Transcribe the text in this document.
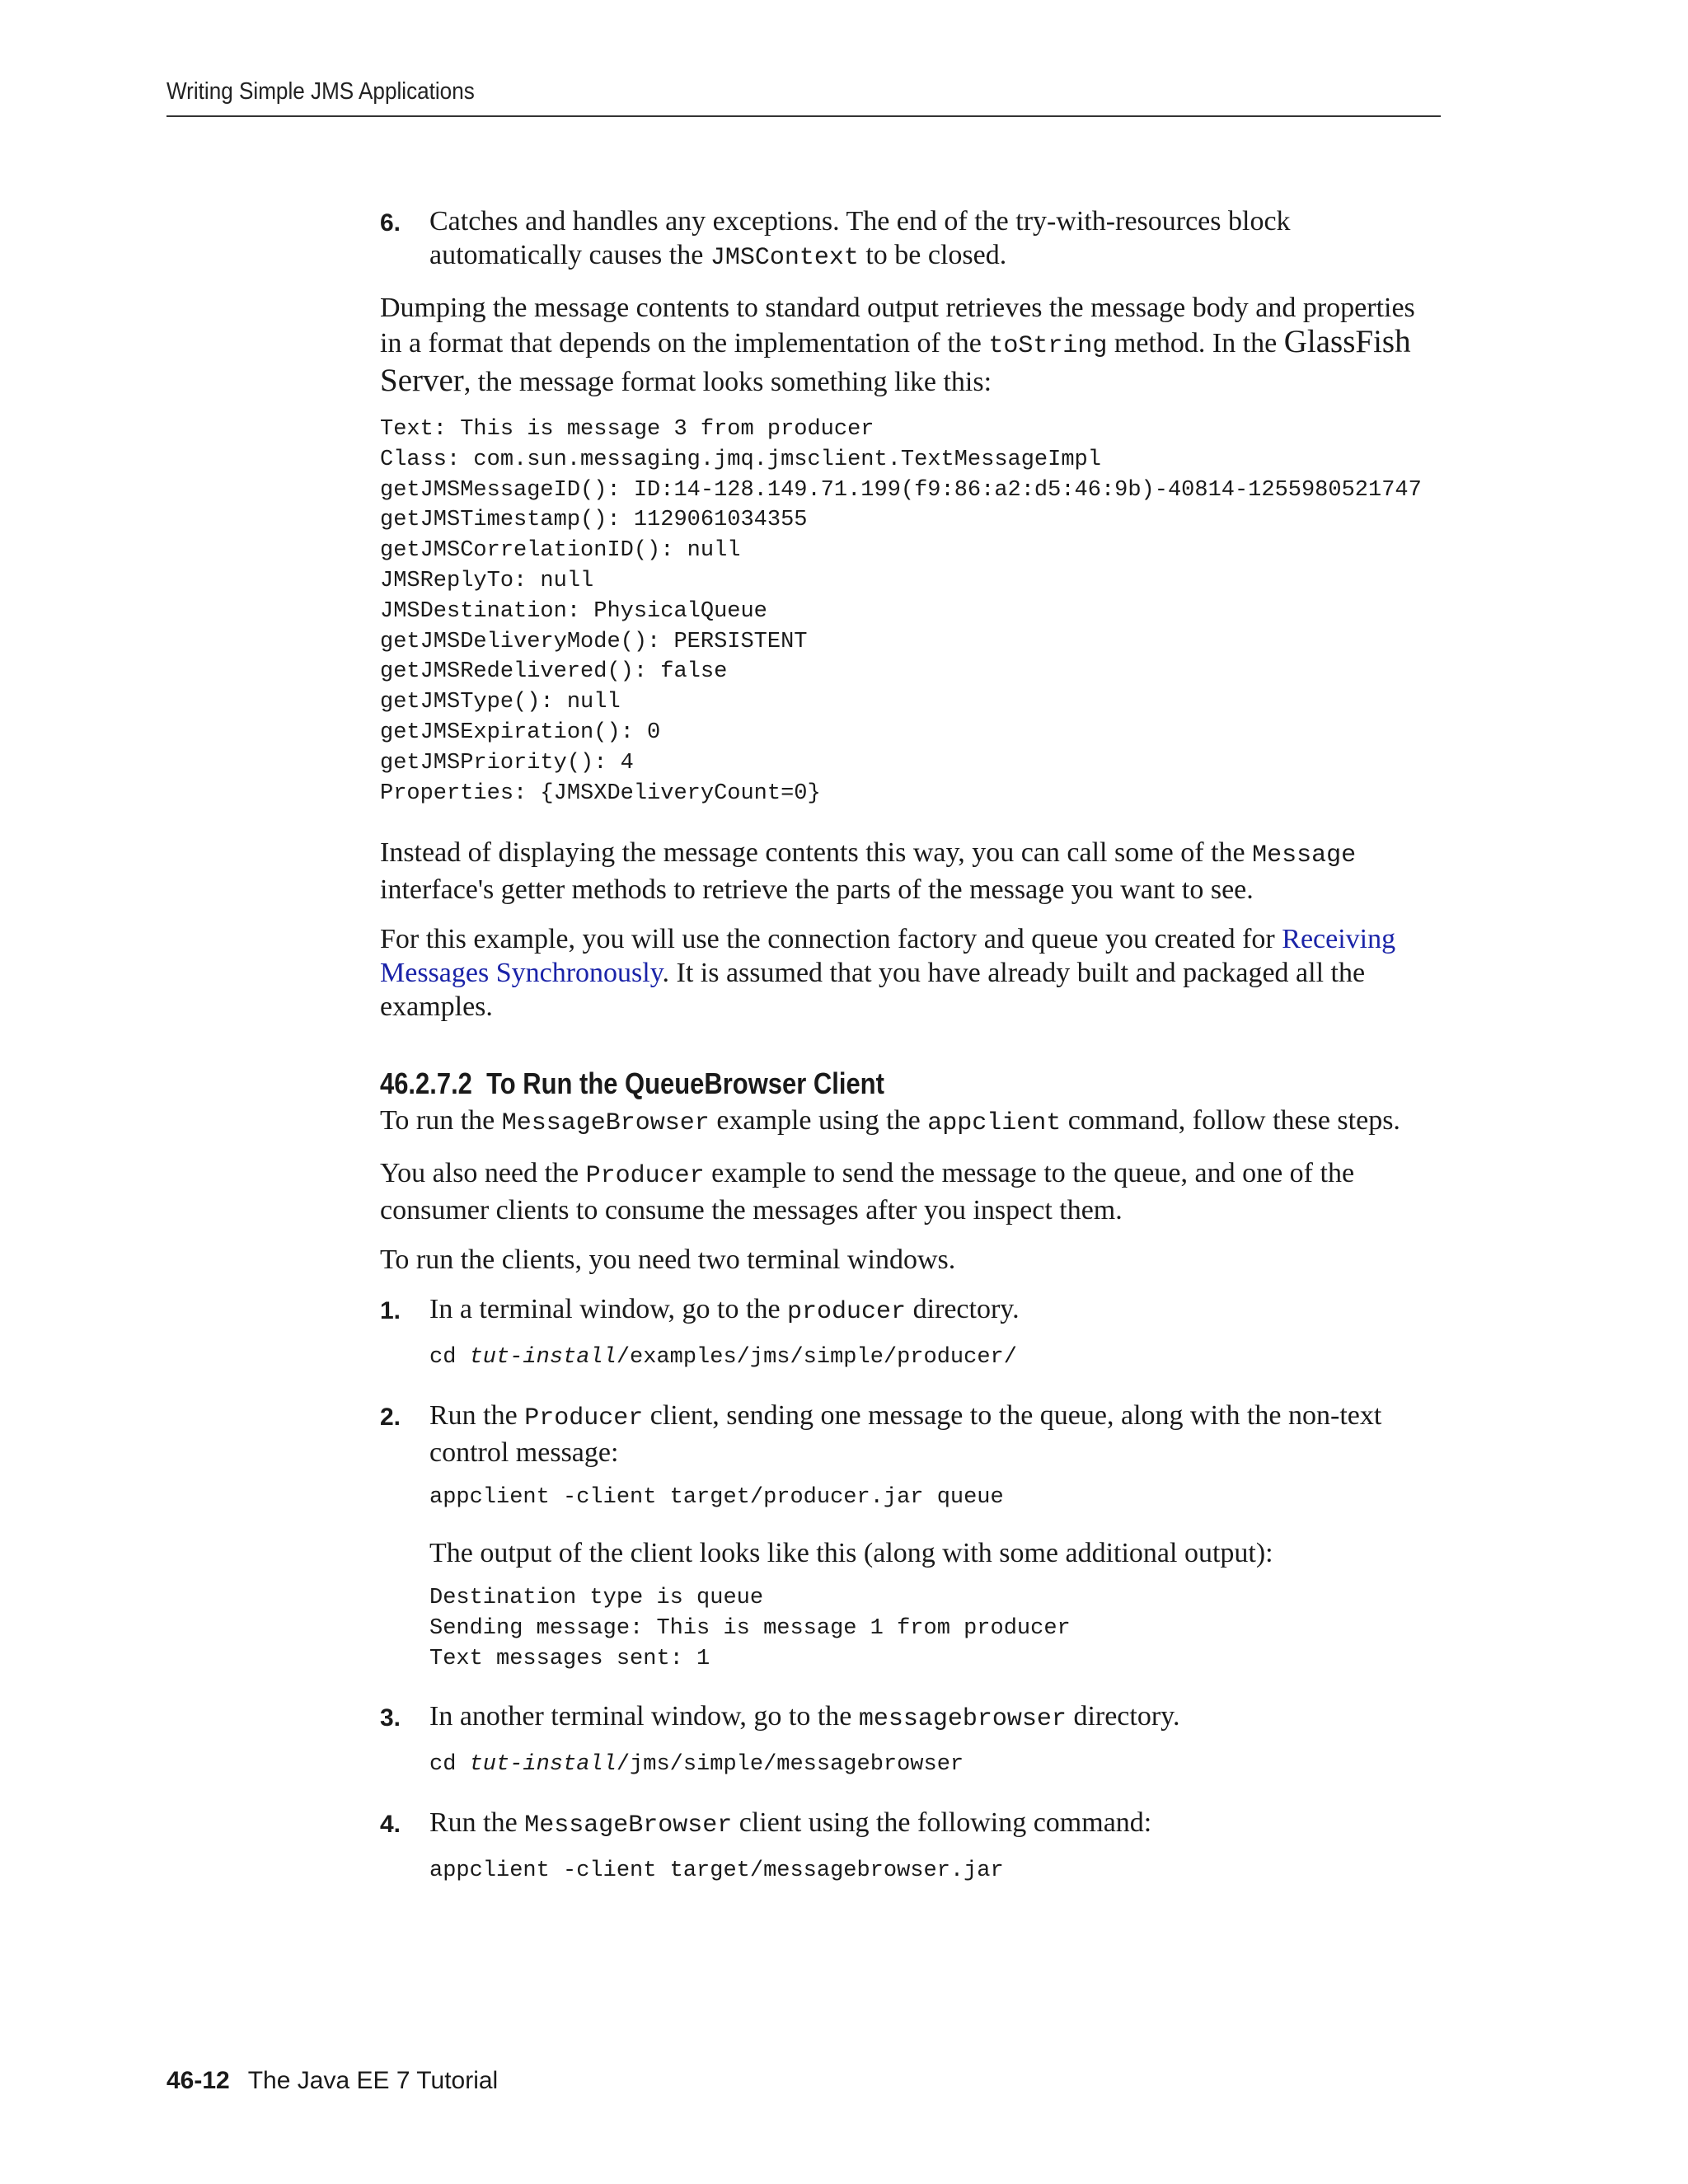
Writing Simple JMS Applications
6.	Catches and handles any exceptions. The end of the try-with-resources block automatically causes the JMSContext to be closed.

Dumping the message contents to standard output retrieves the message body and properties in a format that depends on the implementation of the toString method. In the GlassFish Server, the message format looks something like this:

Text: This is message 3 from producer
Class: com.sun.messaging.jmq.jmsclient.TextMessageImpl
getJMSMessageID(): ID:14-128.149.71.199(f9:86:a2:d5:46:9b)-40814-1255980521747
getJMSTimestamp(): 1129061034355
getJMSCorrelationID(): null
JMSReplyTo: null
JMSDestination: PhysicalQueue
getJMSDeliveryMode(): PERSISTENT
getJMSRedelivered(): false
getJMSType(): null
getJMSExpiration(): 0
getJMSPriority(): 4
Properties: {JMSXDeliveryCount=0}

Instead of displaying the message contents this way, you can call some of the Message interface's getter methods to retrieve the parts of the message you want to see.

For this example, you will use the connection factory and queue you created for Receiving Messages Synchronously. It is assumed that you have already built and packaged all the examples.

46.2.7.2 To Run the QueueBrowser Client

To run the MessageBrowser example using the appclient command, follow these steps.

You also need the Producer example to send the message to the queue, and one of the consumer clients to consume the messages after you inspect them.

To run the clients, you need two terminal windows.

1.	In a terminal window, go to the producer directory.

cd tut-install/examples/jms/simple/producer/
2.	Run the Producer client, sending one message to the queue, along with the non-text control message:

appclient -client target/producer.jar queue

The output of the client looks like this (along with some additional output):

Destination type is queue
Sending message: This is message 1 from producer
Text messages sent: 1
3.	In another terminal window, go to the messagebrowser directory.

cd tut-install/jms/simple/messagebrowser
4.	Run the MessageBrowser client using the following command:

appclient -client target/messagebrowser.jar
46-12 The Java EE 7 Tutorial
